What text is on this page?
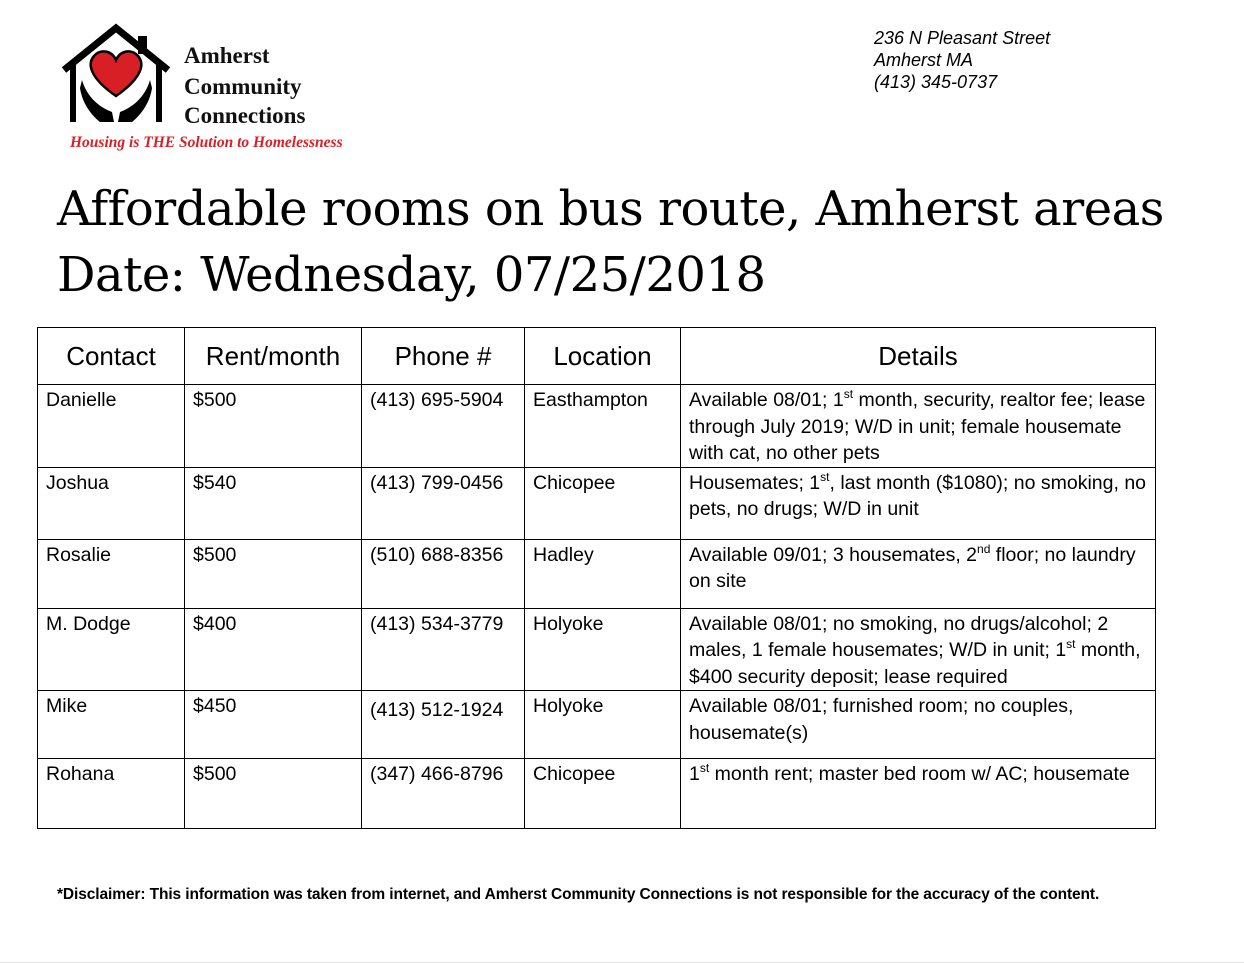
Amherst
Community
Connections
Housing is THE Solution to Homelessness
236 N Pleasant Street
Amherst MA
(413) 345-0737
Affordable rooms on bus route, Amherst areas
Date: Wednesday, 07/25/2018
Contact	Rent/month	Phone #	Location	Details
Danielle	$500	(413) 695-5904	Easthampton	Available 08/01; 1st month, security, realtor fee; lease through July 2019; W/D in unit; female housemate with cat, no other pets
Joshua	$540	(413) 799-0456	Chicopee	Housemates; 1st, last month ($1080); no smoking, no pets, no drugs; W/D in unit
Rosalie	$500	(510) 688-8356	Hadley	Available 09/01; 3 housemates, 2nd floor; no laundry on site
M. Dodge	$400	(413) 534-3779	Holyoke	Available 08/01; no smoking, no drugs/alcohol; 2 males, 1 female housemates; W/D in unit; 1st month, $400 security deposit; lease required
Mike	$450	(413) 512-1924	Holyoke	Available 08/01; furnished room; no couples, housemate(s)
Rohana	$500	(347) 466-8796	Chicopee	1st month rent; master bed room w/ AC; housemate
*Disclaimer: This information was taken from internet, and Amherst Community Connections is not responsible for the accuracy of the content.
